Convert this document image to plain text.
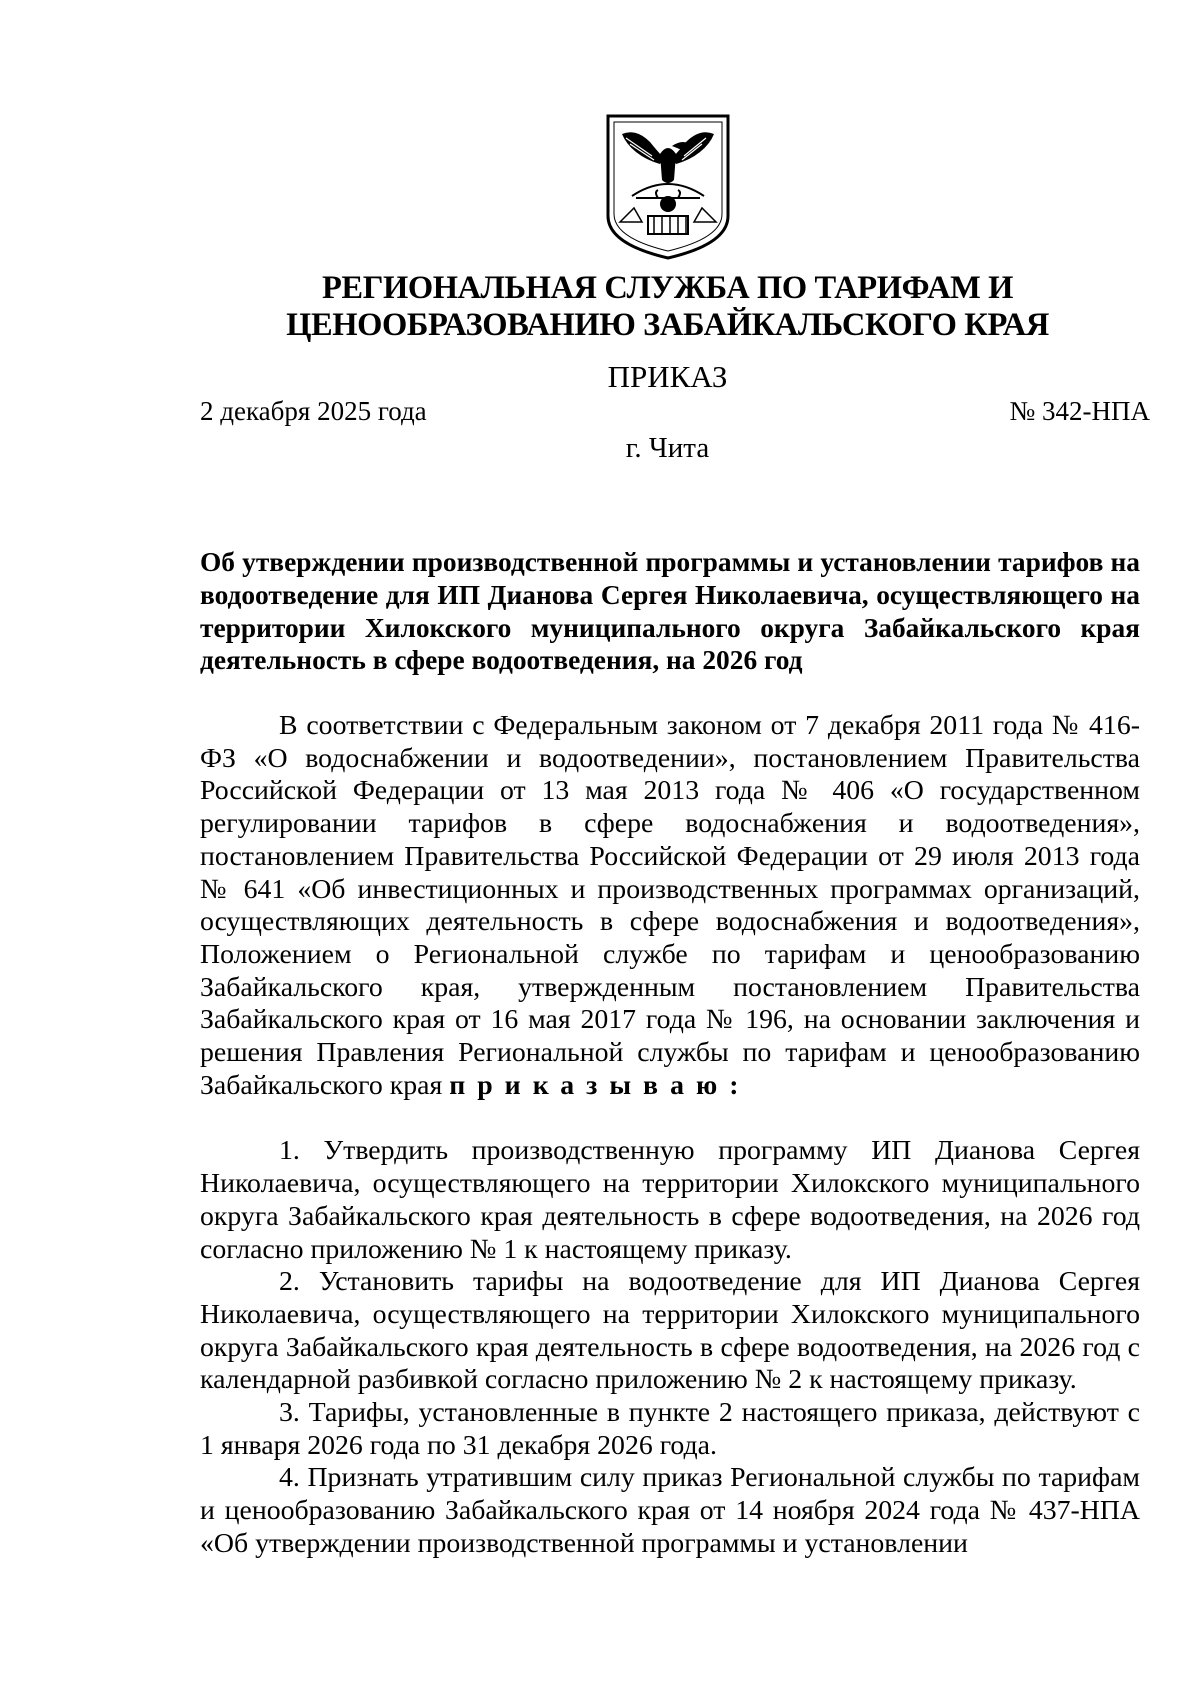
РЕГИОНАЛЬНАЯ СЛУЖБА ПО ТАРИФАМ И
ЦЕНООБРАЗОВАНИЮ ЗАБАЙКАЛЬСКОГО КРАЯ
ПРИКАЗ
2 декабря 2025 года	№ 342-НПА
г. Чита
Об утверждении производственной программы и установлении тарифов на водоотведение для ИП Дианова Сергея Николаевича, осуществляющего на территории Хилокского муниципального округа Забайкальского края деятельность в сфере водоотведения, на 2026 год

В соответствии с Федеральным законом от 7 декабря 2011 года № 416-ФЗ «О водоснабжении и водоотведении», постановлением Правительства Российской Федерации от 13 мая 2013 года № 406 «О государственном регулировании тарифов в сфере водоснабжения и водоотведения», постановлением Правительства Российской Федерации от 29 июля 2013 года № 641 «Об инвестиционных и производственных программах организаций, осуществляющих деятельность в сфере водоснабжения и водоотведения», Положением о Региональной службе по тарифам и ценообразованию Забайкальского края, утвержденным постановлением Правительства Забайкальского края от 16 мая 2017 года № 196, на основании заключения и решения Правления Региональной службы по тарифам и ценообразованию Забайкальского края приказываю:

1. Утвердить производственную программу ИП Дианова Сергея Николаевича, осуществляющего на территории Хилокского муниципального округа Забайкальского края деятельность в сфере водоотведения, на 2026 год согласно приложению № 1 к настоящему приказу.

2. Установить тарифы на водоотведение для ИП Дианова Сергея Николаевича, осуществляющего на территории Хилокского муниципального округа Забайкальского края деятельность в сфере водоотведения, на 2026 год с календарной разбивкой согласно приложению № 2 к настоящему приказу.

3. Тарифы, установленные в пункте 2 настоящего приказа, действуют с 1 января 2026 года по 31 декабря 2026 года.

4. Признать утратившим силу приказ Региональной службы по тарифам и ценообразованию Забайкальского края от 14 ноября 2024 года № 437-НПА «Об утверждении производственной программы и установлении
